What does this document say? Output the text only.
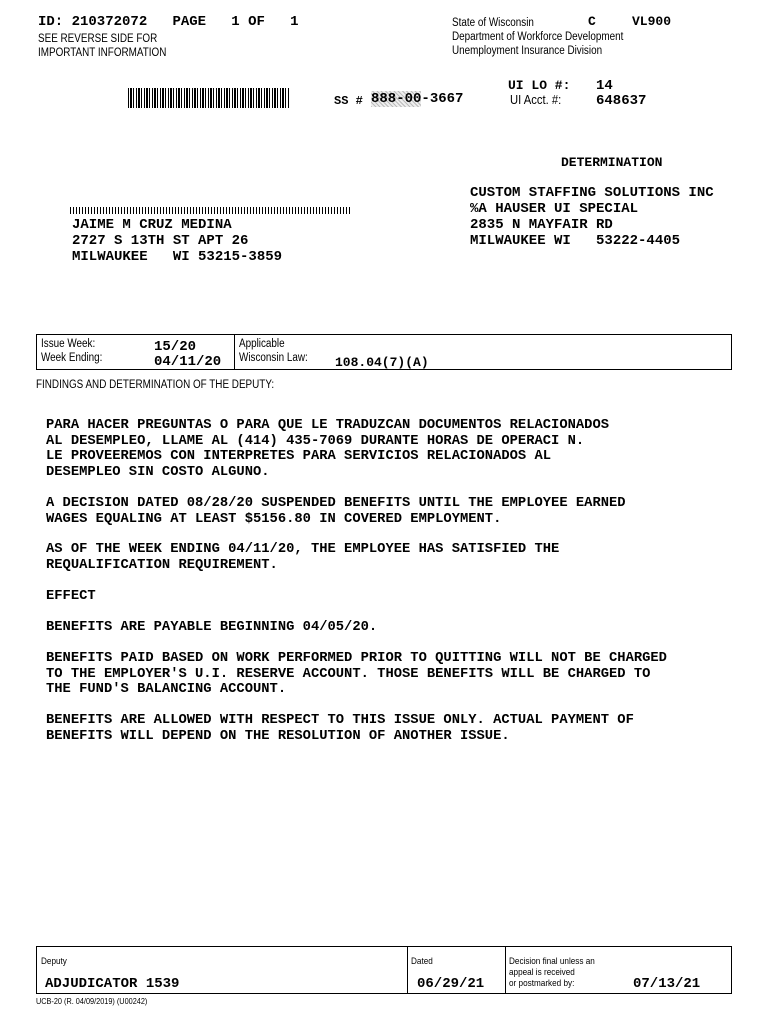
ID: 210372072 PAGE 1 OF 1
SEE REVERSE SIDE FOR
IMPORTANT INFORMATION
State of Wisconsin
Department of Workforce Development
Unemployment Insurance Division
C	VL900
SS # 888-00-3667
UI LO #: 14
UI Acct. #: 648637
DETERMINATION
JAIME M CRUZ MEDINA
2727 S 13TH ST APT 26
MILWAUKEE   WI 53215-3859
CUSTOM STAFFING SOLUTIONS INC
%A HAUSER UI SPECIAL
2835 N MAYFAIR RD
MILWAUKEE WI   53222-4405
Issue Week:
Week Ending:
15/20
04/11/20
Applicable
Wisconsin Law: 108.04(7)(A)
FINDINGS AND DETERMINATION OF THE DEPUTY:
PARA HACER PREGUNTAS O PARA QUE LE TRADUZCAN DOCUMENTOS RELACIONADOS
AL DESEMPLEO, LLAME AL (414) 435-7069 DURANTE HORAS DE OPERACI N.
LE PROVEEREMOS CON INTERPRETES PARA SERVICIOS RELACIONADOS AL
DESEMPLEO SIN COSTO ALGUNO.
A DECISION DATED 08/28/20 SUSPENDED BENEFITS UNTIL THE EMPLOYEE EARNED
WAGES EQUALING AT LEAST $5156.80 IN COVERED EMPLOYMENT.
AS OF THE WEEK ENDING 04/11/20, THE EMPLOYEE HAS SATISFIED THE
REQUALIFICATION REQUIREMENT.
EFFECT
BENEFITS ARE PAYABLE BEGINNING 04/05/20.
BENEFITS PAID BASED ON WORK PERFORMED PRIOR TO QUITTING WILL NOT BE CHARGED
TO THE EMPLOYER'S U.I. RESERVE ACCOUNT. THOSE BENEFITS WILL BE CHARGED TO
THE FUND'S BALANCING ACCOUNT.
BENEFITS ARE ALLOWED WITH RESPECT TO THIS ISSUE ONLY. ACTUAL PAYMENT OF
BENEFITS WILL DEPEND ON THE RESOLUTION OF ANOTHER ISSUE.
Deputy
ADJUDICATOR 1539
Dated
06/29/21
Decision final unless an
appeal is received
or postmarked by:	07/13/21
UCB-20 (R. 04/09/2019) (U00242)
